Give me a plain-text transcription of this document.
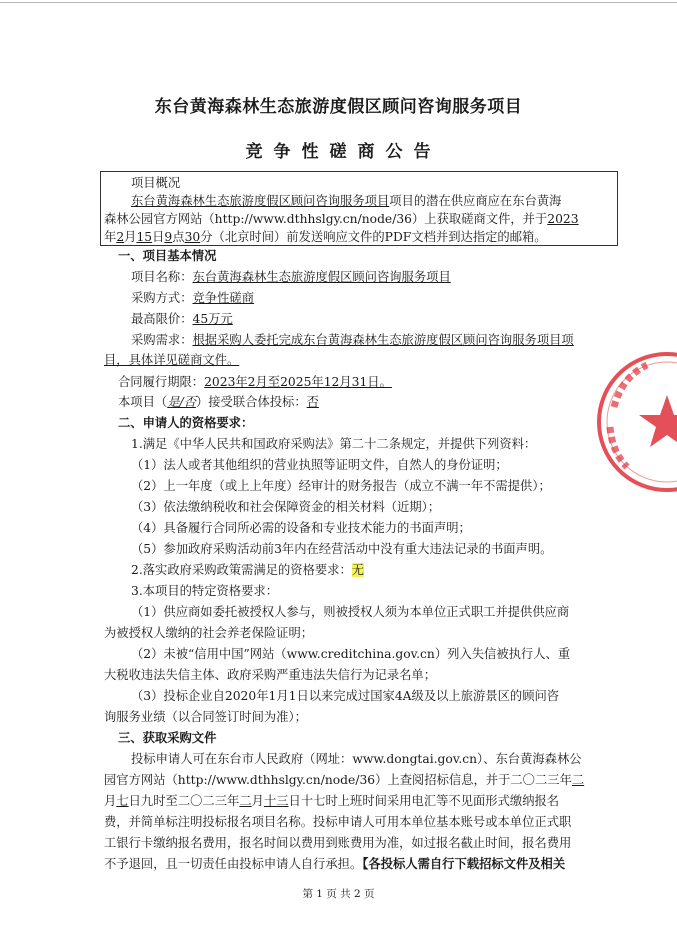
东台黄海森林生态旅游度假区顾问咨询服务项目
竞争性磋商公告
项目概况
东台黄海森林生态旅游度假区顾问咨询服务项目项目的潜在供应商应在东台黄海
森林公园官方网站（http://www.dthhslgy.cn/node/36）上获取磋商文件，并于2023
年2月15日9点30分（北京时间）前发送响应文件的PDF文档并到达指定的邮箱。
一、项目基本情况
项目名称：东台黄海森林生态旅游度假区顾问咨询服务项目
采购方式：竞争性磋商
最高限价：45万元
采购需求：根据采购人委托完成东台黄海森林生态旅游度假区顾问咨询服务项目项
目，具体详见磋商文件。
合同履行期限：2023年2月至2025年12月31日。
本项目（是/否）接受联合体投标：否
二、申请人的资格要求：
1.满足《中华人民共和国政府采购法》第二十二条规定，并提供下列资料：
（1）法人或者其他组织的营业执照等证明文件，自然人的身份证明；
（2）上一年度（或上上年度）经审计的财务报告（成立不满一年不需提供）；
（3）依法缴纳税收和社会保障资金的相关材料（近期）；
（4）具备履行合同所必需的设备和专业技术能力的书面声明；
（5）参加政府采购活动前3年内在经营活动中没有重大违法记录的书面声明。
2.落实政府采购政策需满足的资格要求：无
3.本项目的特定资格要求：
（1）供应商如委托被授权人参与，则被授权人须为本单位正式职工并提供供应商
为被授权人缴纳的社会养老保险证明；
（2）未被“信用中国”网站（www.creditchina.gov.cn）列入失信被执行人、重
大税收违法失信主体、政府采购严重违法失信行为记录名单；
（3）投标企业自2020年1月1日以来完成过国家4A级及以上旅游景区的顾问咨
询服务业绩（以合同签订时间为准）；
三、获取采购文件
投标申请人可在东台市人民政府（网址：www.dongtai.gov.cn）、东台黄海森林公
园官方网站（http://www.dthhslgy.cn/node/36）上查阅招标信息，并于二〇二三年二
月七日九时至二〇二三年二月十三日十七时上班时间采用电汇等不见面形式缴纳报名
费，并简单标注明投标报名项目名称。投标申请人可用本单位基本账号或本单位正式职
工银行卡缴纳报名费用，报名时间以费用到账费用为准，如过报名截止时间，报名费用
不予退回，且一切责任由投标申请人自行承担。【各投标人需自行下载招标文件及相关
第 1 页 共 2 页
